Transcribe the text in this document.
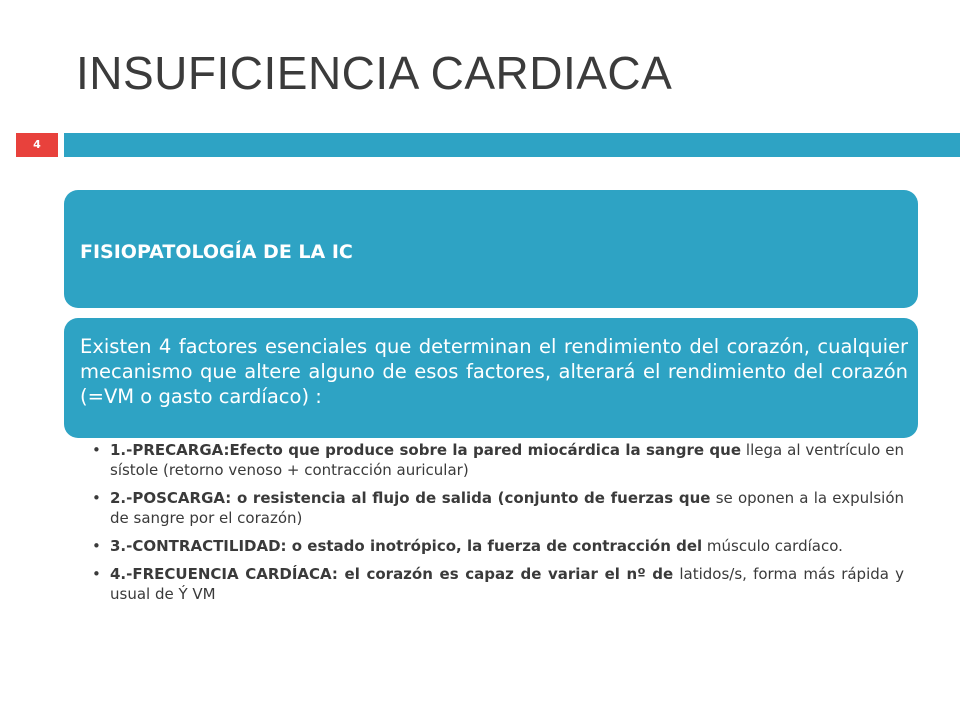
INSUFICIENCIA CARDIACA
4
FISIOPATOLOGÍA DE LA IC
Existen 4 factores esenciales que determinan el rendimiento del corazón, cualquier mecanismo que altere alguno de esos factores, alterará el rendimiento del corazón (=VM o gasto cardíaco) :
• 1.-PRECARGA:Efecto que produce sobre la pared miocárdica la sangre que llega al ventrículo en sístole (retorno venoso + contracción auricular)
• 2.-POSCARGA: o resistencia al flujo de salida (conjunto de fuerzas que se oponen a la expulsión de sangre por el corazón)
• 3.-CONTRACTILIDAD: o estado inotrópico, la fuerza de contracción del músculo cardíaco.
• 4.-FRECUENCIA CARDÍACA: el corazón es capaz de variar el nº de latidos/s, forma más rápida y usual de Ý VM
